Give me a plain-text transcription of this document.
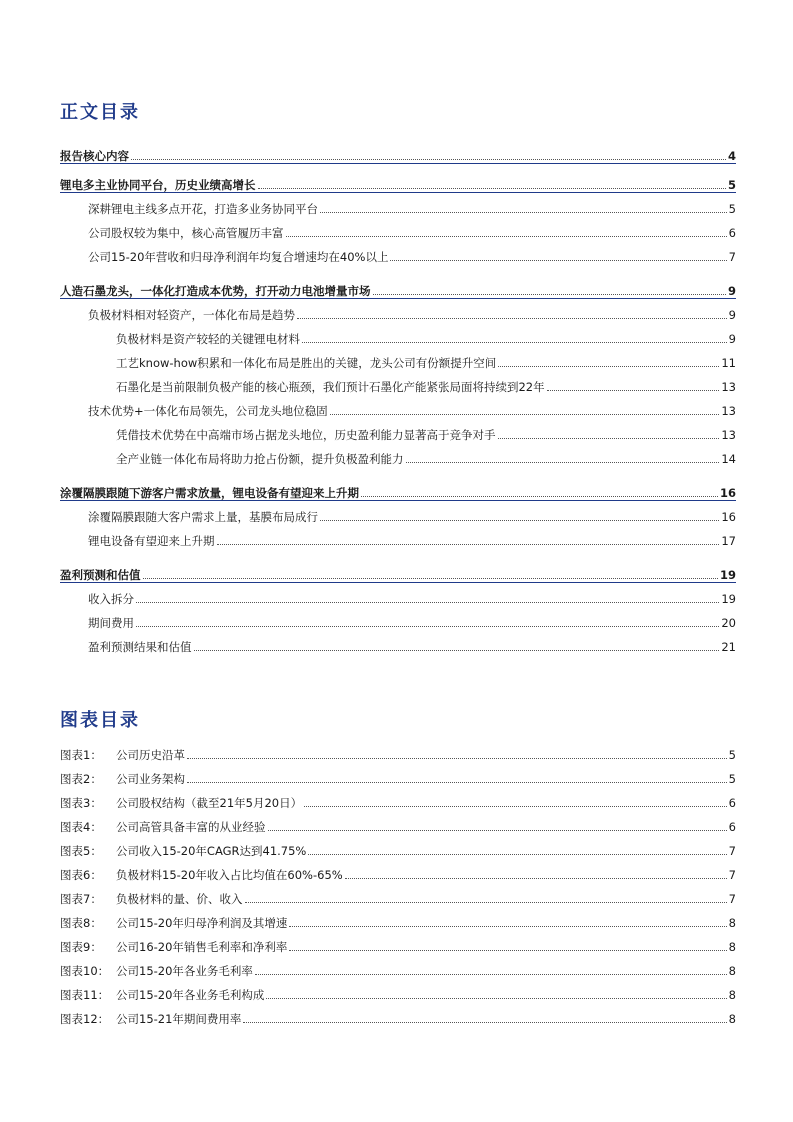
正文目录
报告核心内容	4
锂电多主业协同平台，历史业绩高增长	5
深耕锂电主线多点开花，打造多业务协同平台	5
公司股权较为集中，核心高管履历丰富	6
公司15-20年营收和归母净利润年均复合增速均在40%以上	7
人造石墨龙头，一体化打造成本优势，打开动力电池增量市场	9
负极材料相对轻资产，一体化布局是趋势	9
负极材料是资产较轻的关键锂电材料	9
工艺know-how积累和一体化布局是胜出的关键，龙头公司有份额提升空间	11
石墨化是当前限制负极产能的核心瓶颈，我们预计石墨化产能紧张局面将持续到22年	13
技术优势+一体化布局领先，公司龙头地位稳固	13
凭借技术优势在中高端市场占据龙头地位，历史盈利能力显著高于竞争对手	13
全产业链一体化布局将助力抢占份额，提升负极盈利能力	14
涂覆隔膜跟随下游客户需求放量，锂电设备有望迎来上升期	16
涂覆隔膜跟随大客户需求上量，基膜布局成行	16
锂电设备有望迎来上升期	17
盈利预测和估值	19
收入拆分	19
期间费用	20
盈利预测结果和估值	21
图表目录
图表1：	公司历史沿革	5
图表2：	公司业务架构	5
图表3：	公司股权结构（截至21年5月20日）	6
图表4：	公司高管具备丰富的从业经验	6
图表5：	公司收入15-20年CAGR达到41.75%	7
图表6：	负极材料15-20年收入占比均值在60%-65%	7
图表7：	负极材料的量、价、收入	7
图表8：	公司15-20年归母净利润及其增速	8
图表9：	公司16-20年销售毛利率和净利率	8
图表10： 公司15-20年各业务毛利率	8
图表11： 公司15-20年各业务毛利构成	8
图表12： 公司15-21年期间费用率	8
